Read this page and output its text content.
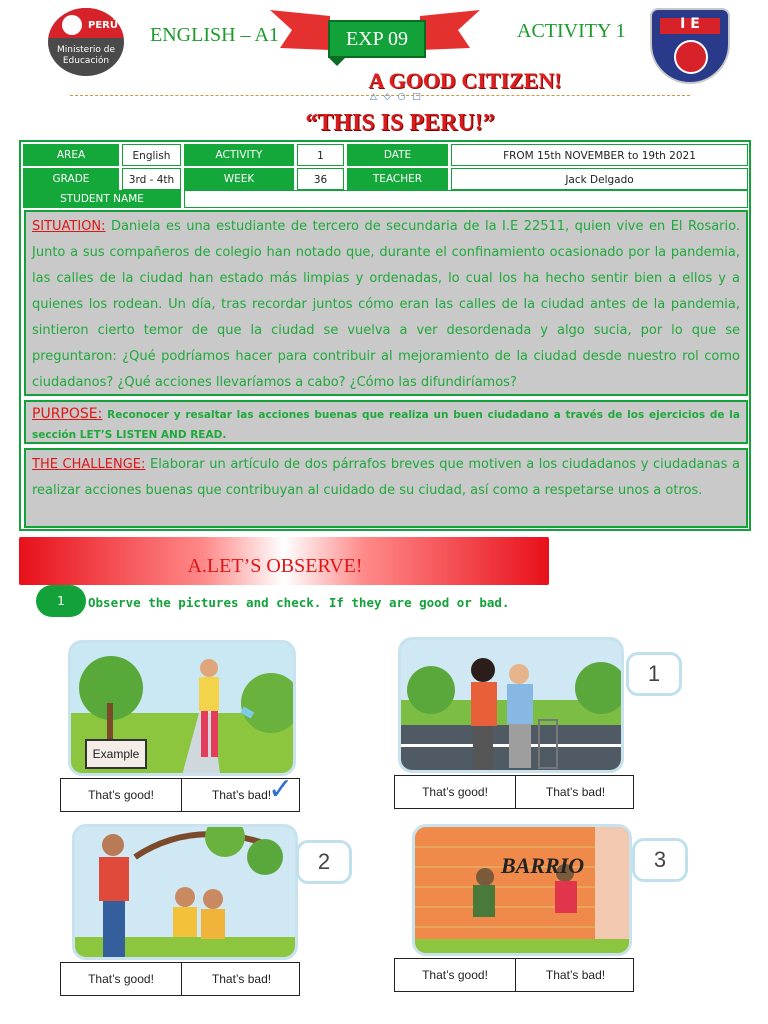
PERÚ
Ministerio de Educación
ENGLISH – A1	EXP 09	ACTIVITY 1	I E
A GOOD CITIZEN!
△ ◇ ○ □
“THIS IS PERU!”
AREA	English	ACTIVITY	1	DATE	FROM 15th NOVEMBER to 19th 2021
GRADE	3rd - 4th	WEEK	36	TEACHER	Jack Delgado
STUDENT NAME
SITUATION: Daniela es una estudiante de tercero de secundaria de la I.E 22511, quien vive en El Rosario. Junto a sus compañeros de colegio han notado que, durante el confinamiento ocasionado por la pandemia, las calles de la ciudad han estado más limpias y ordenadas, lo cual los ha hecho sentir bien a ellos y a quienes los rodean. Un día, tras recordar juntos cómo eran las calles de la ciudad antes de la pandemia, sintieron cierto temor de que la ciudad se vuelva a ver desordenada y algo sucia, por lo que se preguntaron: ¿Qué podríamos hacer para contribuir al mejoramiento de la ciudad desde nuestro rol como ciudadanos? ¿Qué acciones llevaríamos a cabo? ¿Cómo las difundiríamos?
PURPOSE: Reconocer y resaltar las acciones buenas que realiza un buen ciudadano a través de los ejercicios de la sección LET’S LISTEN AND READ.
THE CHALLENGE: Elaborar un artículo de dos párrafos breves que motiven a los ciudadanos y ciudadanas a realizar acciones buenas que contribuyan al cuidado de su ciudad, así como a respetarse unos a otros.
A.LET’S OBSERVE!
1	Observe the pictures and check. If they are good or bad.
Example
That’s good!	That’s bad!
✓
1
That’s good!	That’s bad!
2
That’s good!	That’s bad!
BARRIO	3
That’s good!	That’s bad!
